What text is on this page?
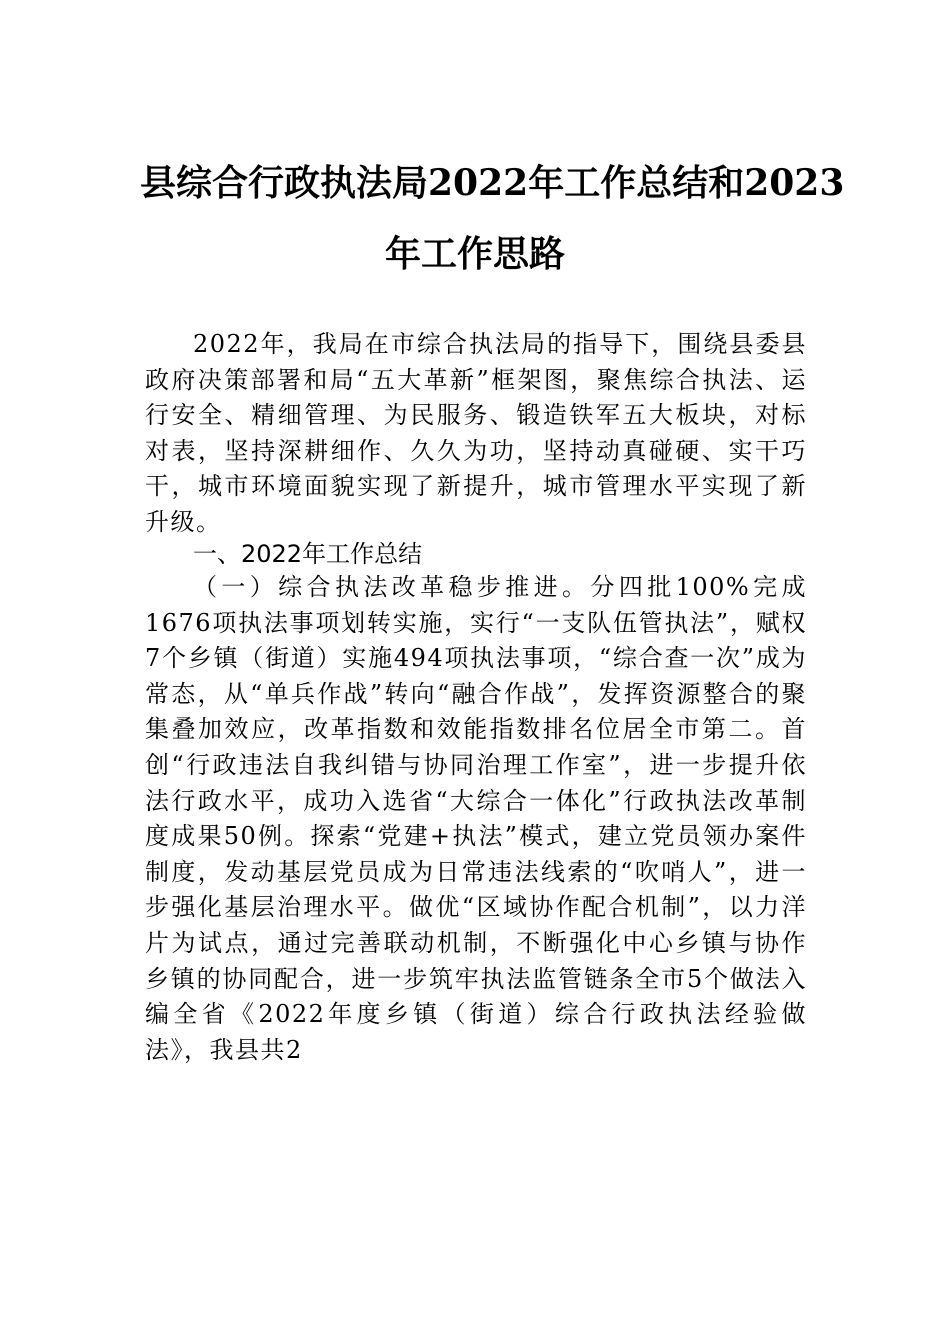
县综合行政执法局2022年工作总结和2023
年工作思路
2022年，我局在市综合执法局的指导下，围绕县委县政府决策部署和局“五大革新”框架图，聚焦综合执法、运行安全、精细管理、为民服务、锻造铁军五大板块，对标对表，坚持深耕细作、久久为功，坚持动真碰硬、实干巧干，城市环境面貌实现了新提升，城市管理水平实现了新升级。
一、2022年工作总结
（一）综合执法改革稳步推进。分四批100%完成1676项执法事项划转实施，实行“一支队伍管执法”，赋权7个乡镇（街道）实施494项执法事项，“综合查一次”成为常态，从“单兵作战”转向“融合作战”，发挥资源整合的聚集叠加效应，改革指数和效能指数排名位居全市第二。首创“行政违法自我纠错与协同治理工作室”，进一步提升依法行政水平，成功入选省“大综合一体化”行政执法改革制度成果50例。探索“党建+执法”模式，建立党员领办案件制度，发动基层党员成为日常违法线索的“吹哨人”，进一步强化基层治理水平。做优“区域协作配合机制”，以力洋片为试点，通过完善联动机制，不断强化中心乡镇与协作乡镇的协同配合，进一步筑牢执法监管链条全市5个做法入编全省《2022年度乡镇（街道）综合行政执法经验做法》，我县共2
